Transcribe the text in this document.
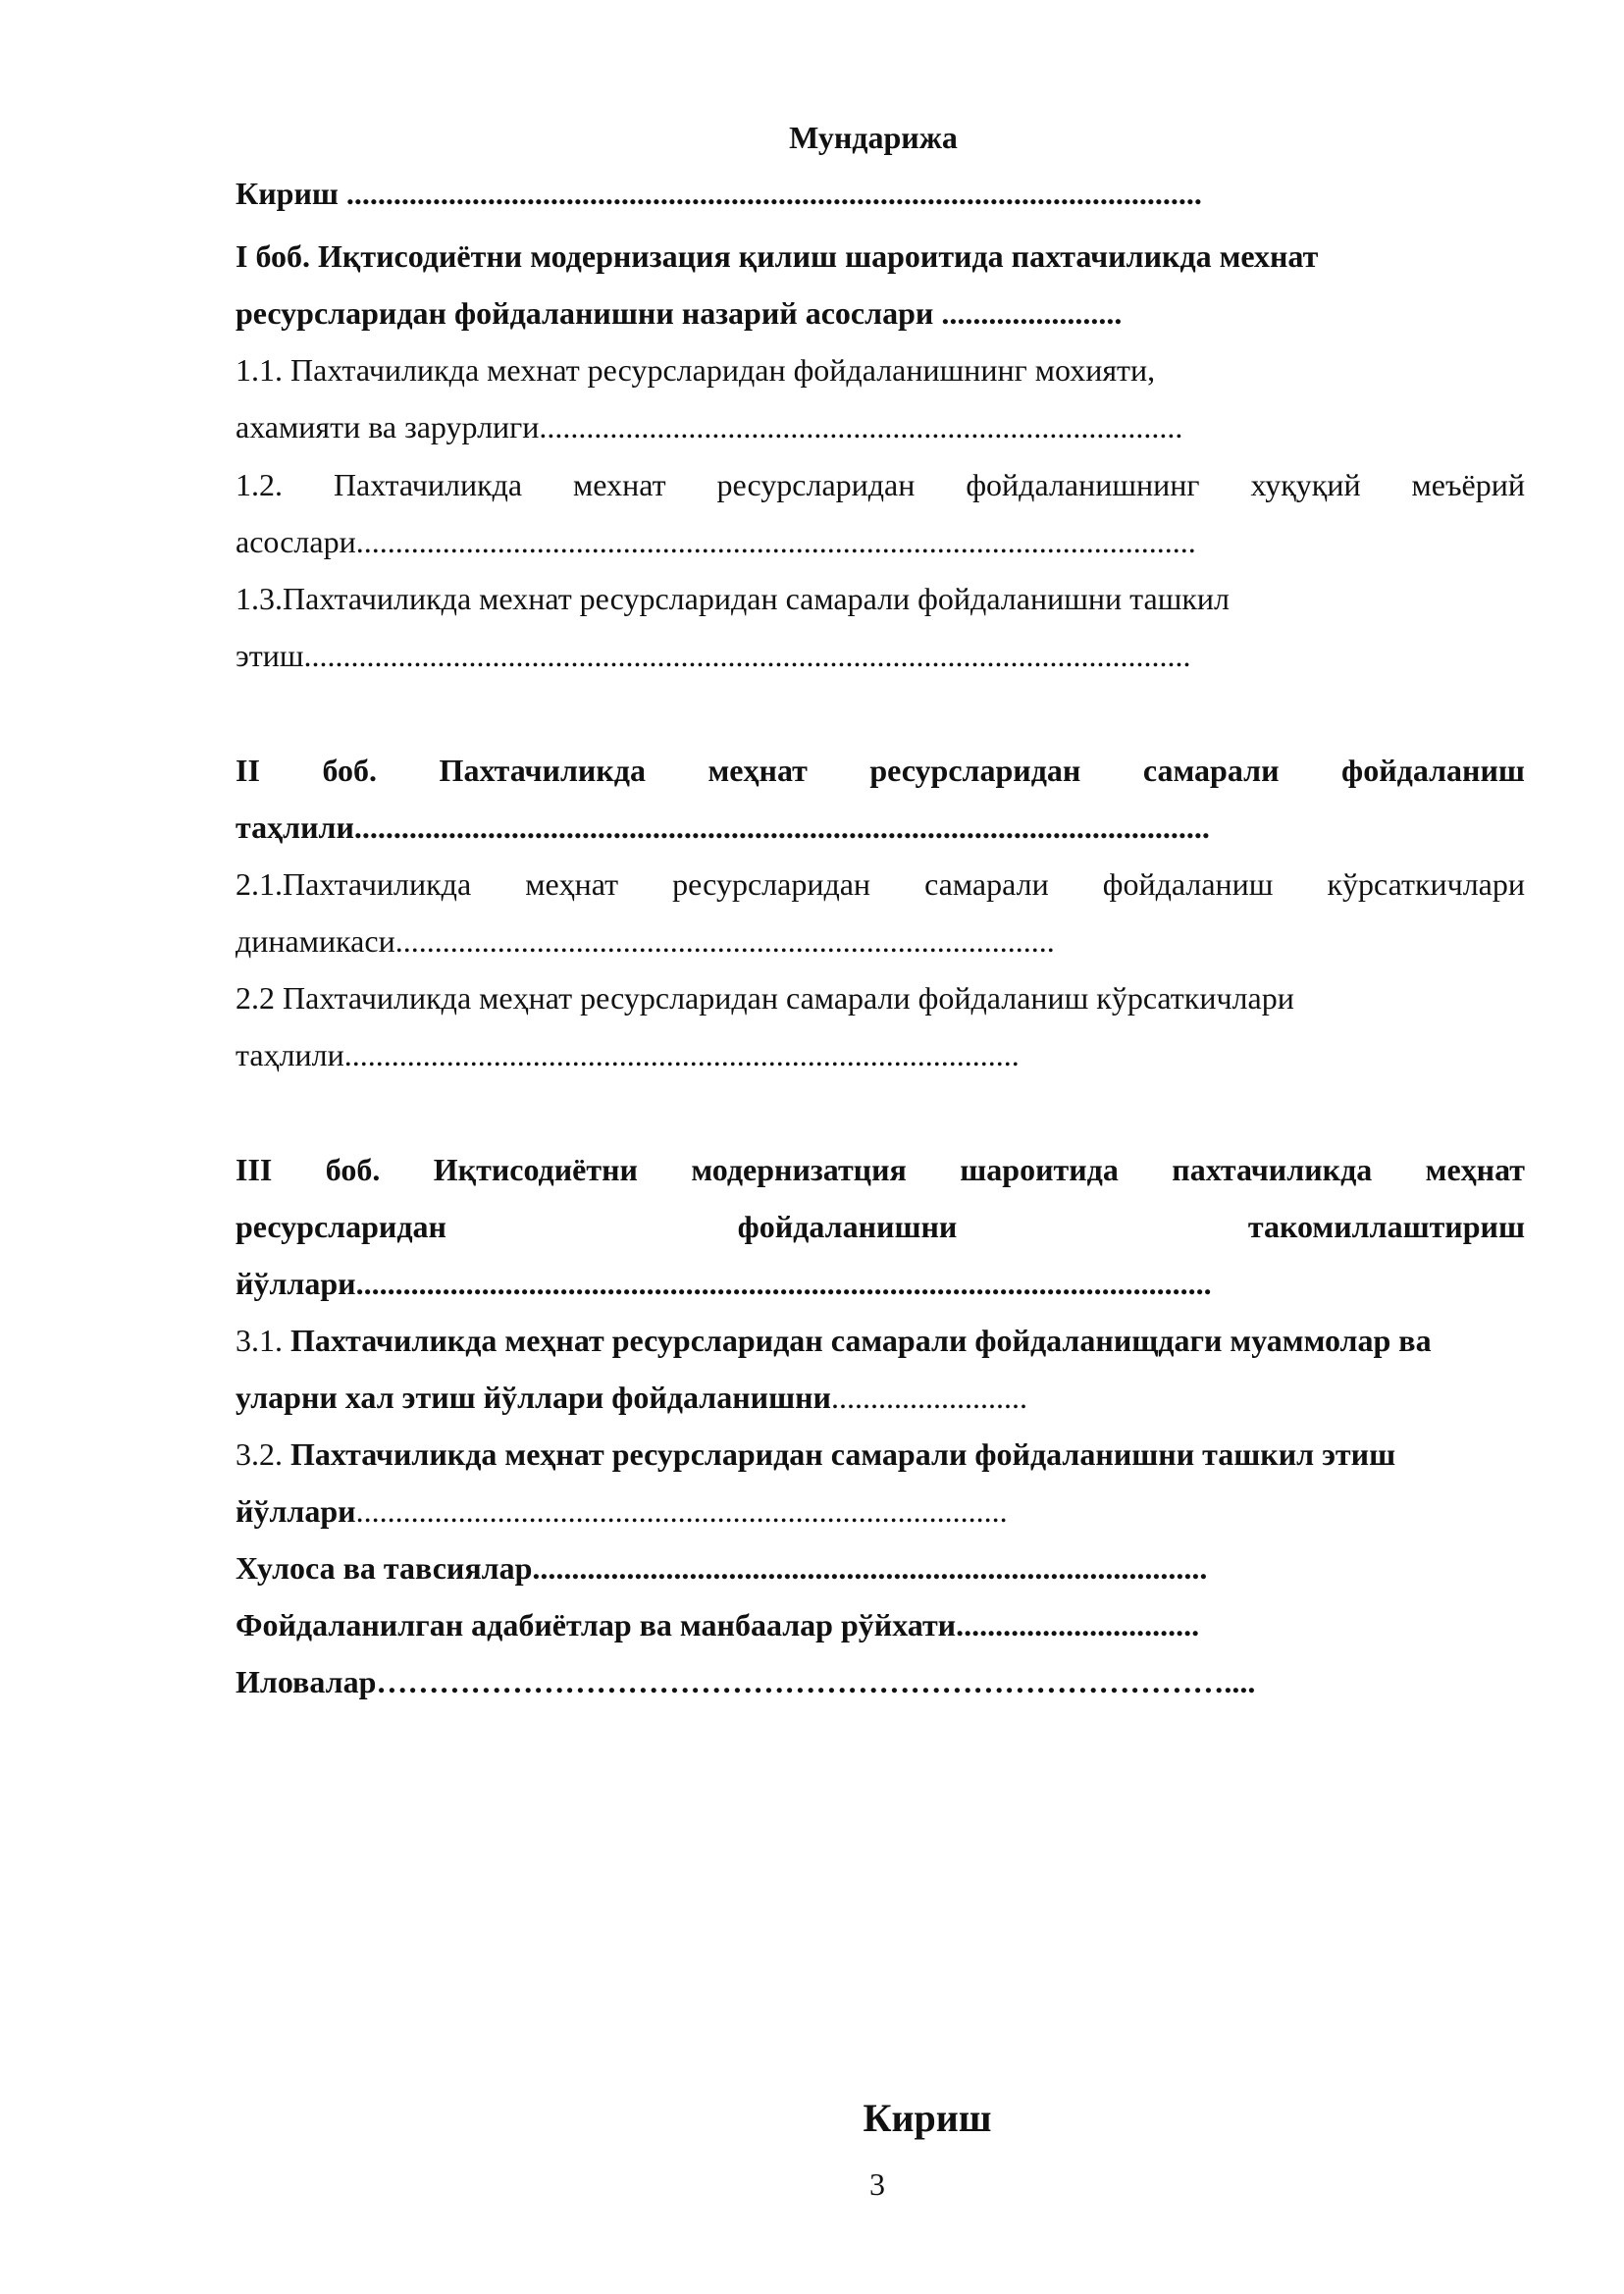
Мундарижа
Кириш .............................................................................................................
I боб. Иқтисодиётни модернизация қилиш шароитида пахтачиликда мехнат
ресурсларидан фойдаланишни назарий асослари .......................
1.1. Пахтачиликда мехнат ресурсларидан фойдаланишнинг мохияти,
ахамияти ва зарурлиги..................................................................................
1.2. Пахтачиликда мехнат ресурсларидан фойдаланишнинг хуқуқий меъёрий
асослари...........................................................................................................
1.3.Пахтачиликда мехнат ресурсларидан самарали фойдаланишни ташкил
этиш.................................................................................................................
II боб. Пахтачиликда меҳнат ресурсларидан самарали фойдаланиш
таҳлили.............................................................................................................
2.1.Пахтачиликда меҳнат ресурсларидан самарали фойдаланиш кўрсаткичлари
динамикаси....................................................................................
2.2 Пахтачиликда меҳнат ресурсларидан самарали фойдаланиш кўрсаткичлари
таҳлили......................................................................................
III боб. Иқтисодиётни модернизатция шароитида пахтачиликда меҳнат
ресурсларидан	фойдаланишни	такомиллаштириш
йўллари.............................................................................................................
3.1. Пахтачиликда меҳнат ресурсларидан самарали фойдаланищдаги муаммолар ва
уларни хал этиш йўллари фойдаланишни.........................
3.2. Пахтачиликда меҳнат ресурсларидан самарали фойдаланишни ташкил этиш
йўллари...................................................................................
Хулоса ва тавсиялар......................................................................................
Фойдаланилган адабиётлар ва манбаалар рўйхати...............................
Иловалар………………………………………………………………………....
Кириш
3
